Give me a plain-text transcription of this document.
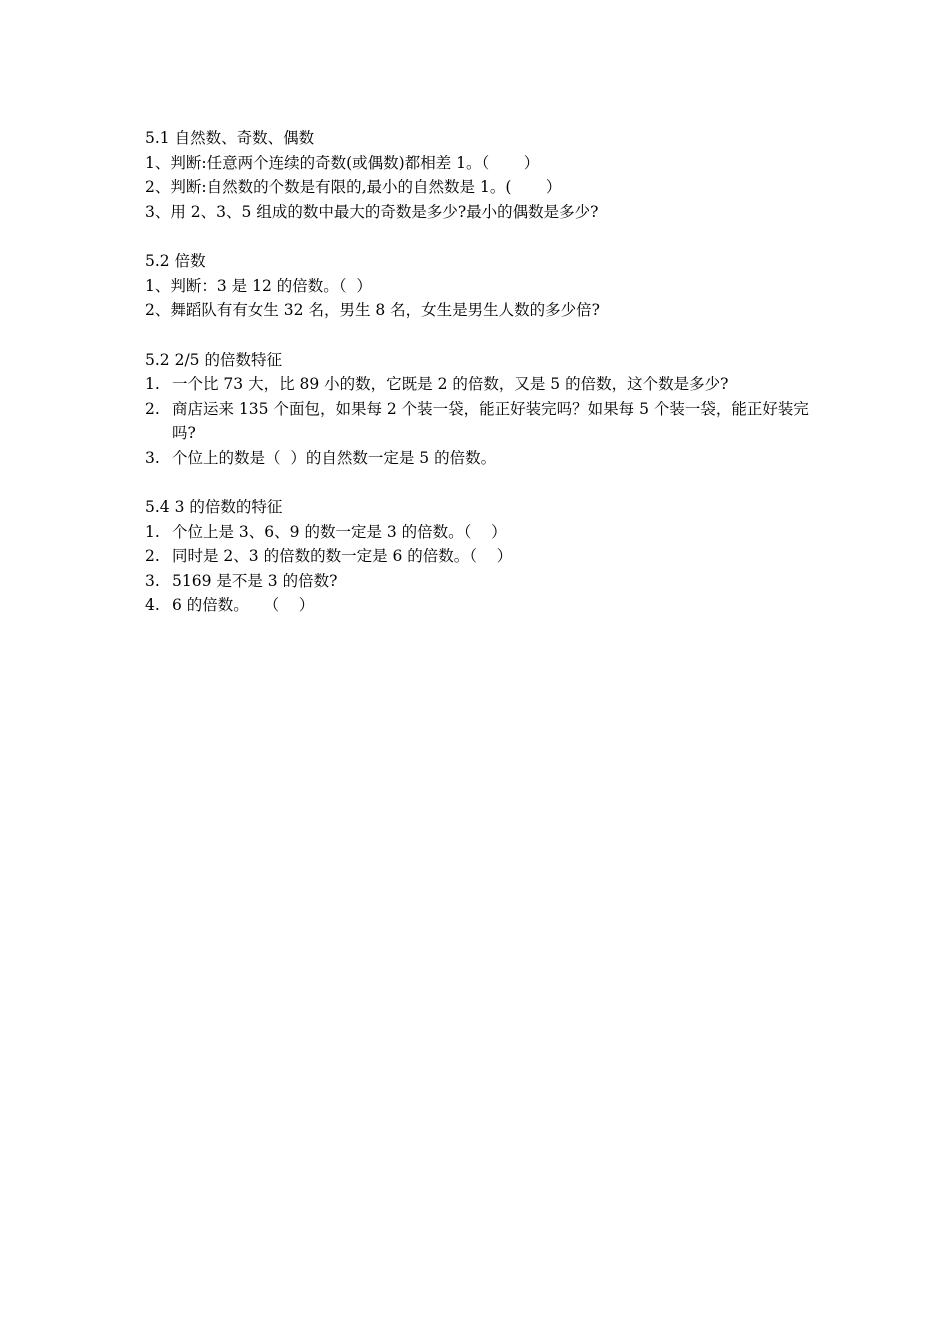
5.1 自然数、奇数、偶数
1、 判断:任意两个连续的奇数(或偶数)都相差 1。（       ）
2、 判断:自然数的个数是有限的,最小的自然数是 1。(       ）
3、 用 2、3、5 组成的数中最大的奇数是多少?最小的偶数是多少?
5.2 倍数
1、 判断：3 是 12 的倍数。（  ）
2、 舞蹈队有有女生 32 名，男生 8 名，女生是男生人数的多少倍?
5.2 2/5 的倍数特征
1. 一个比 73 大，比 89 小的数，它既是 2 的倍数，又是 5 的倍数，这个数是多少?
2. 商店运来 135 个面包，如果每 2 个装一袋，能正好装完吗？如果每 5 个装一袋，能正好装完吗?
3. 个位上的数是（  ）的自然数一定是 5 的倍数。
5.4 3 的倍数的特征
1. 个位上是 3、6、9 的数一定是 3 的倍数。（    ）
2. 同时是 2、3 的倍数的数一定是 6 的倍数。（    ）
3. 5169 是不是 3 的倍数?
4. 6 的倍数。   （    ）
